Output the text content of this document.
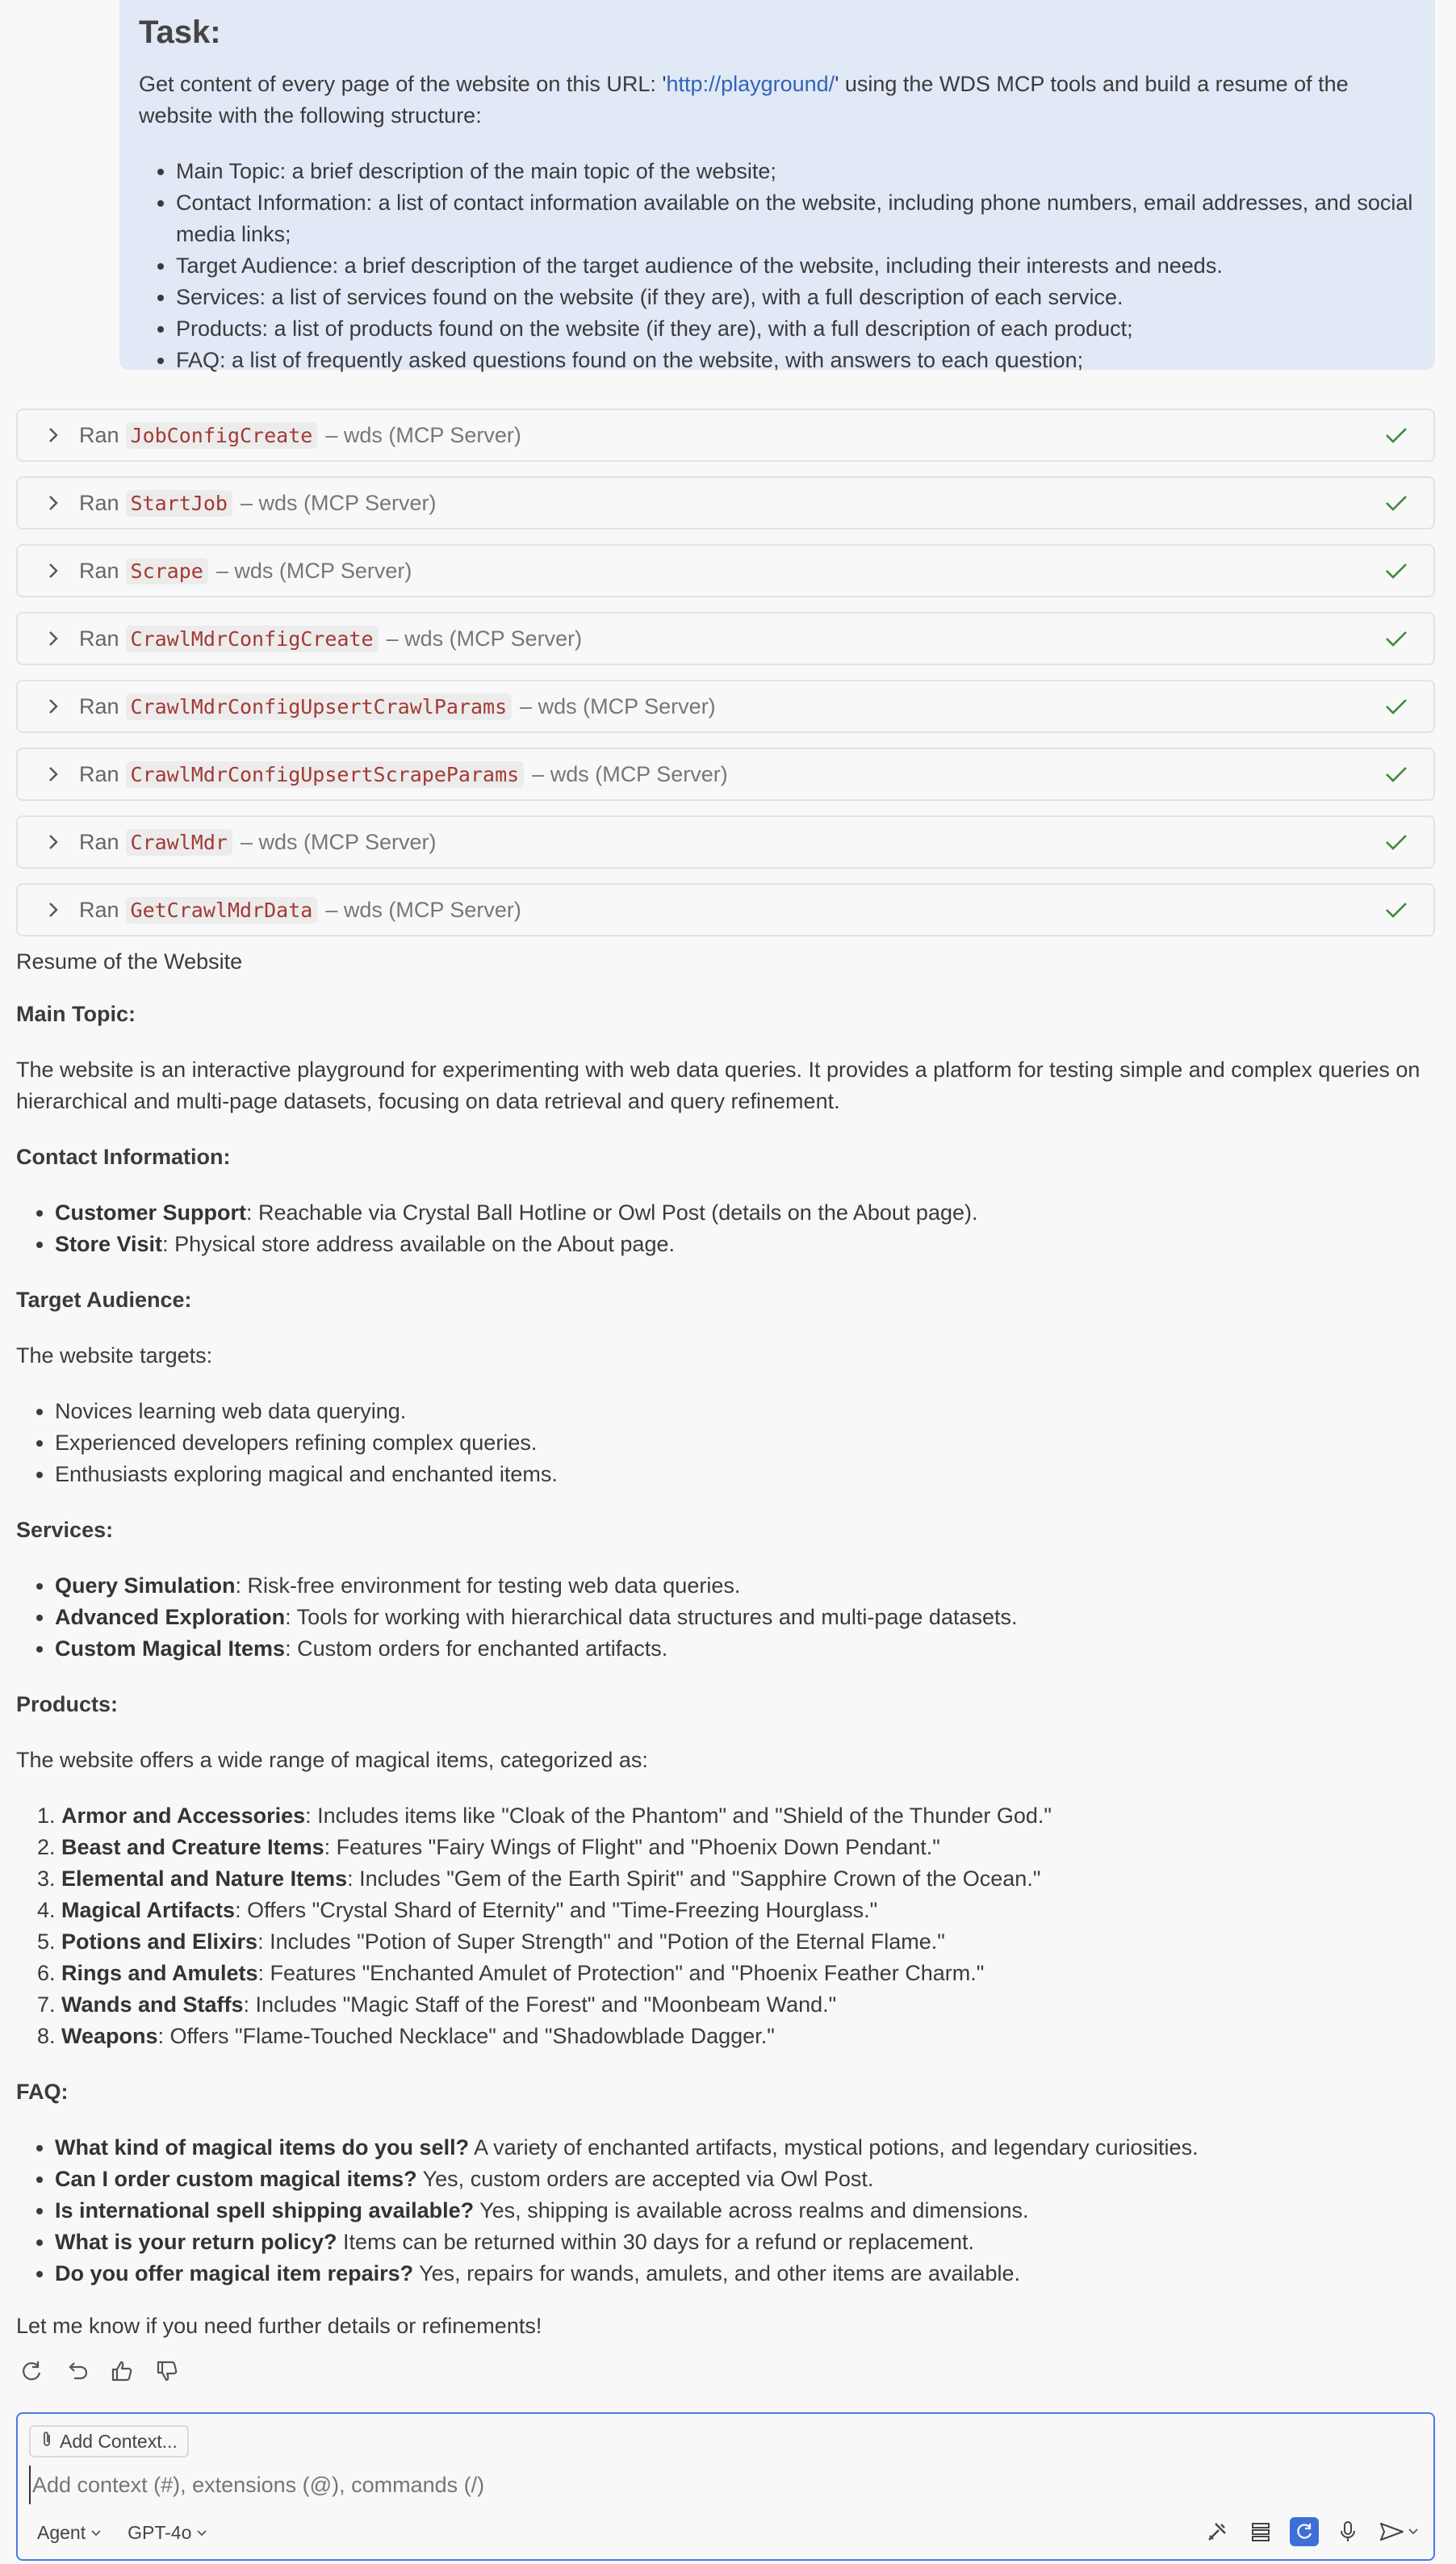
Task:

Get content of every page of the website on this URL: 'http://playground/' using the WDS MCP tools and build a resume of the website with the following structure:

• Main Topic: a brief description of the main topic of the website;
• Contact Information: a list of contact information available on the website, including phone numbers, email addresses, and social media links;
• Target Audience: a brief description of the target audience of the website, including their interests and needs.
• Services: a list of services found on the website (if they are), with a full description of each service.
• Products: a list of products found on the website (if they are), with a full description of each product;
• FAQ: a list of frequently asked questions found on the website, with answers to each question;
Ran JobConfigCreate – wds (MCP Server)
Ran StartJob – wds (MCP Server)
Ran Scrape – wds (MCP Server)
Ran CrawlMdrConfigCreate – wds (MCP Server)
Ran CrawlMdrConfigUpsertCrawlParams – wds (MCP Server)
Ran CrawlMdrConfigUpsertScrapeParams – wds (MCP Server)
Ran CrawlMdr – wds (MCP Server)
Ran GetCrawlMdrData – wds (MCP Server)
Resume of the Website
Main Topic:
The website is an interactive playground for experimenting with web data queries. It provides a platform for testing simple and complex queries on hierarchical and multi-page datasets, focusing on data retrieval and query refinement.
Contact Information:
• Customer Support: Reachable via Crystal Ball Hotline or Owl Post (details on the About page).
• Store Visit: Physical store address available on the About page.
Target Audience:
The website targets:
• Novices learning web data querying.
• Experienced developers refining complex queries.
• Enthusiasts exploring magical and enchanted items.
Services:
• Query Simulation: Risk-free environment for testing web data queries.
• Advanced Exploration: Tools for working with hierarchical data structures and multi-page datasets.
• Custom Magical Items: Custom orders for enchanted artifacts.
Products:
The website offers a wide range of magical items, categorized as:
1. Armor and Accessories: Includes items like "Cloak of the Phantom" and "Shield of the Thunder God."
2. Beast and Creature Items: Features "Fairy Wings of Flight" and "Phoenix Down Pendant."
3. Elemental and Nature Items: Includes "Gem of the Earth Spirit" and "Sapphire Crown of the Ocean."
4. Magical Artifacts: Offers "Crystal Shard of Eternity" and "Time-Freezing Hourglass."
5. Potions and Elixirs: Includes "Potion of Super Strength" and "Potion of the Eternal Flame."
6. Rings and Amulets: Features "Enchanted Amulet of Protection" and "Phoenix Feather Charm."
7. Wands and Staffs: Includes "Magic Staff of the Forest" and "Moonbeam Wand."
8. Weapons: Offers "Flame-Touched Necklace" and "Shadowblade Dagger."
FAQ:
• What kind of magical items do you sell? A variety of enchanted artifacts, mystical potions, and legendary curiosities.
• Can I order custom magical items? Yes, custom orders are accepted via Owl Post.
• Is international spell shipping available? Yes, shipping is available across realms and dimensions.
• What is your return policy? Items can be returned within 30 days for a refund or replacement.
• Do you offer magical item repairs? Yes, repairs for wands, amulets, and other items are available.
Let me know if you need further details or refinements!
Add Context...
Add context (#), extensions (@), commands (/)
Agent GPT-4o
